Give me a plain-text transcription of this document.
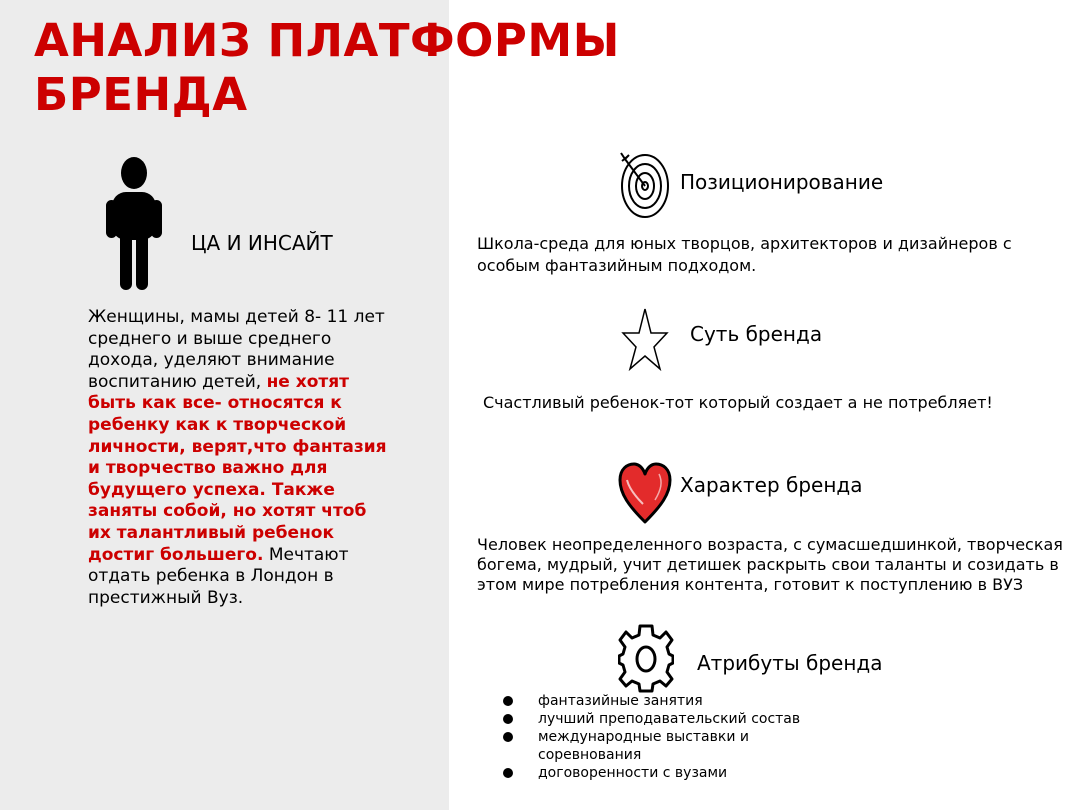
АНАЛИЗ ПЛАТФОРМЫ БРЕНДА
ЦА И ИНСАЙТ
Женщины, мамы детей 8- 11 лет среднего и выше среднего дохода, уделяют внимание воспитанию детей, не хотят быть как все- относятся к ребенку как к творческой личности, верят,что фантазия и творчество важно для будущего успеха. Также заняты собой, но хотят чтоб их талантливый ребенок достиг большего. Мечтают отдать ребенка в Лондон в престижный Вуз.
Позиционирование
Школа-среда для юных творцов, архитекторов и дизайнеров с особым фантазийным подходом.
Суть бренда
Счастливый ребенок-тот который создает а не потребляет!
Характер бренда
Человек неопределенного возраста, с сумасшедшинкой, творческая богема, мудрый, учит детишек раскрыть свои таланты и созидать в этом мире потребления контента, готовит к поступлению в ВУЗ
Атрибуты бренда
фантазийные занятия
лучший преподавательский состав
международные выставки и соревнования
договоренности с вузами
